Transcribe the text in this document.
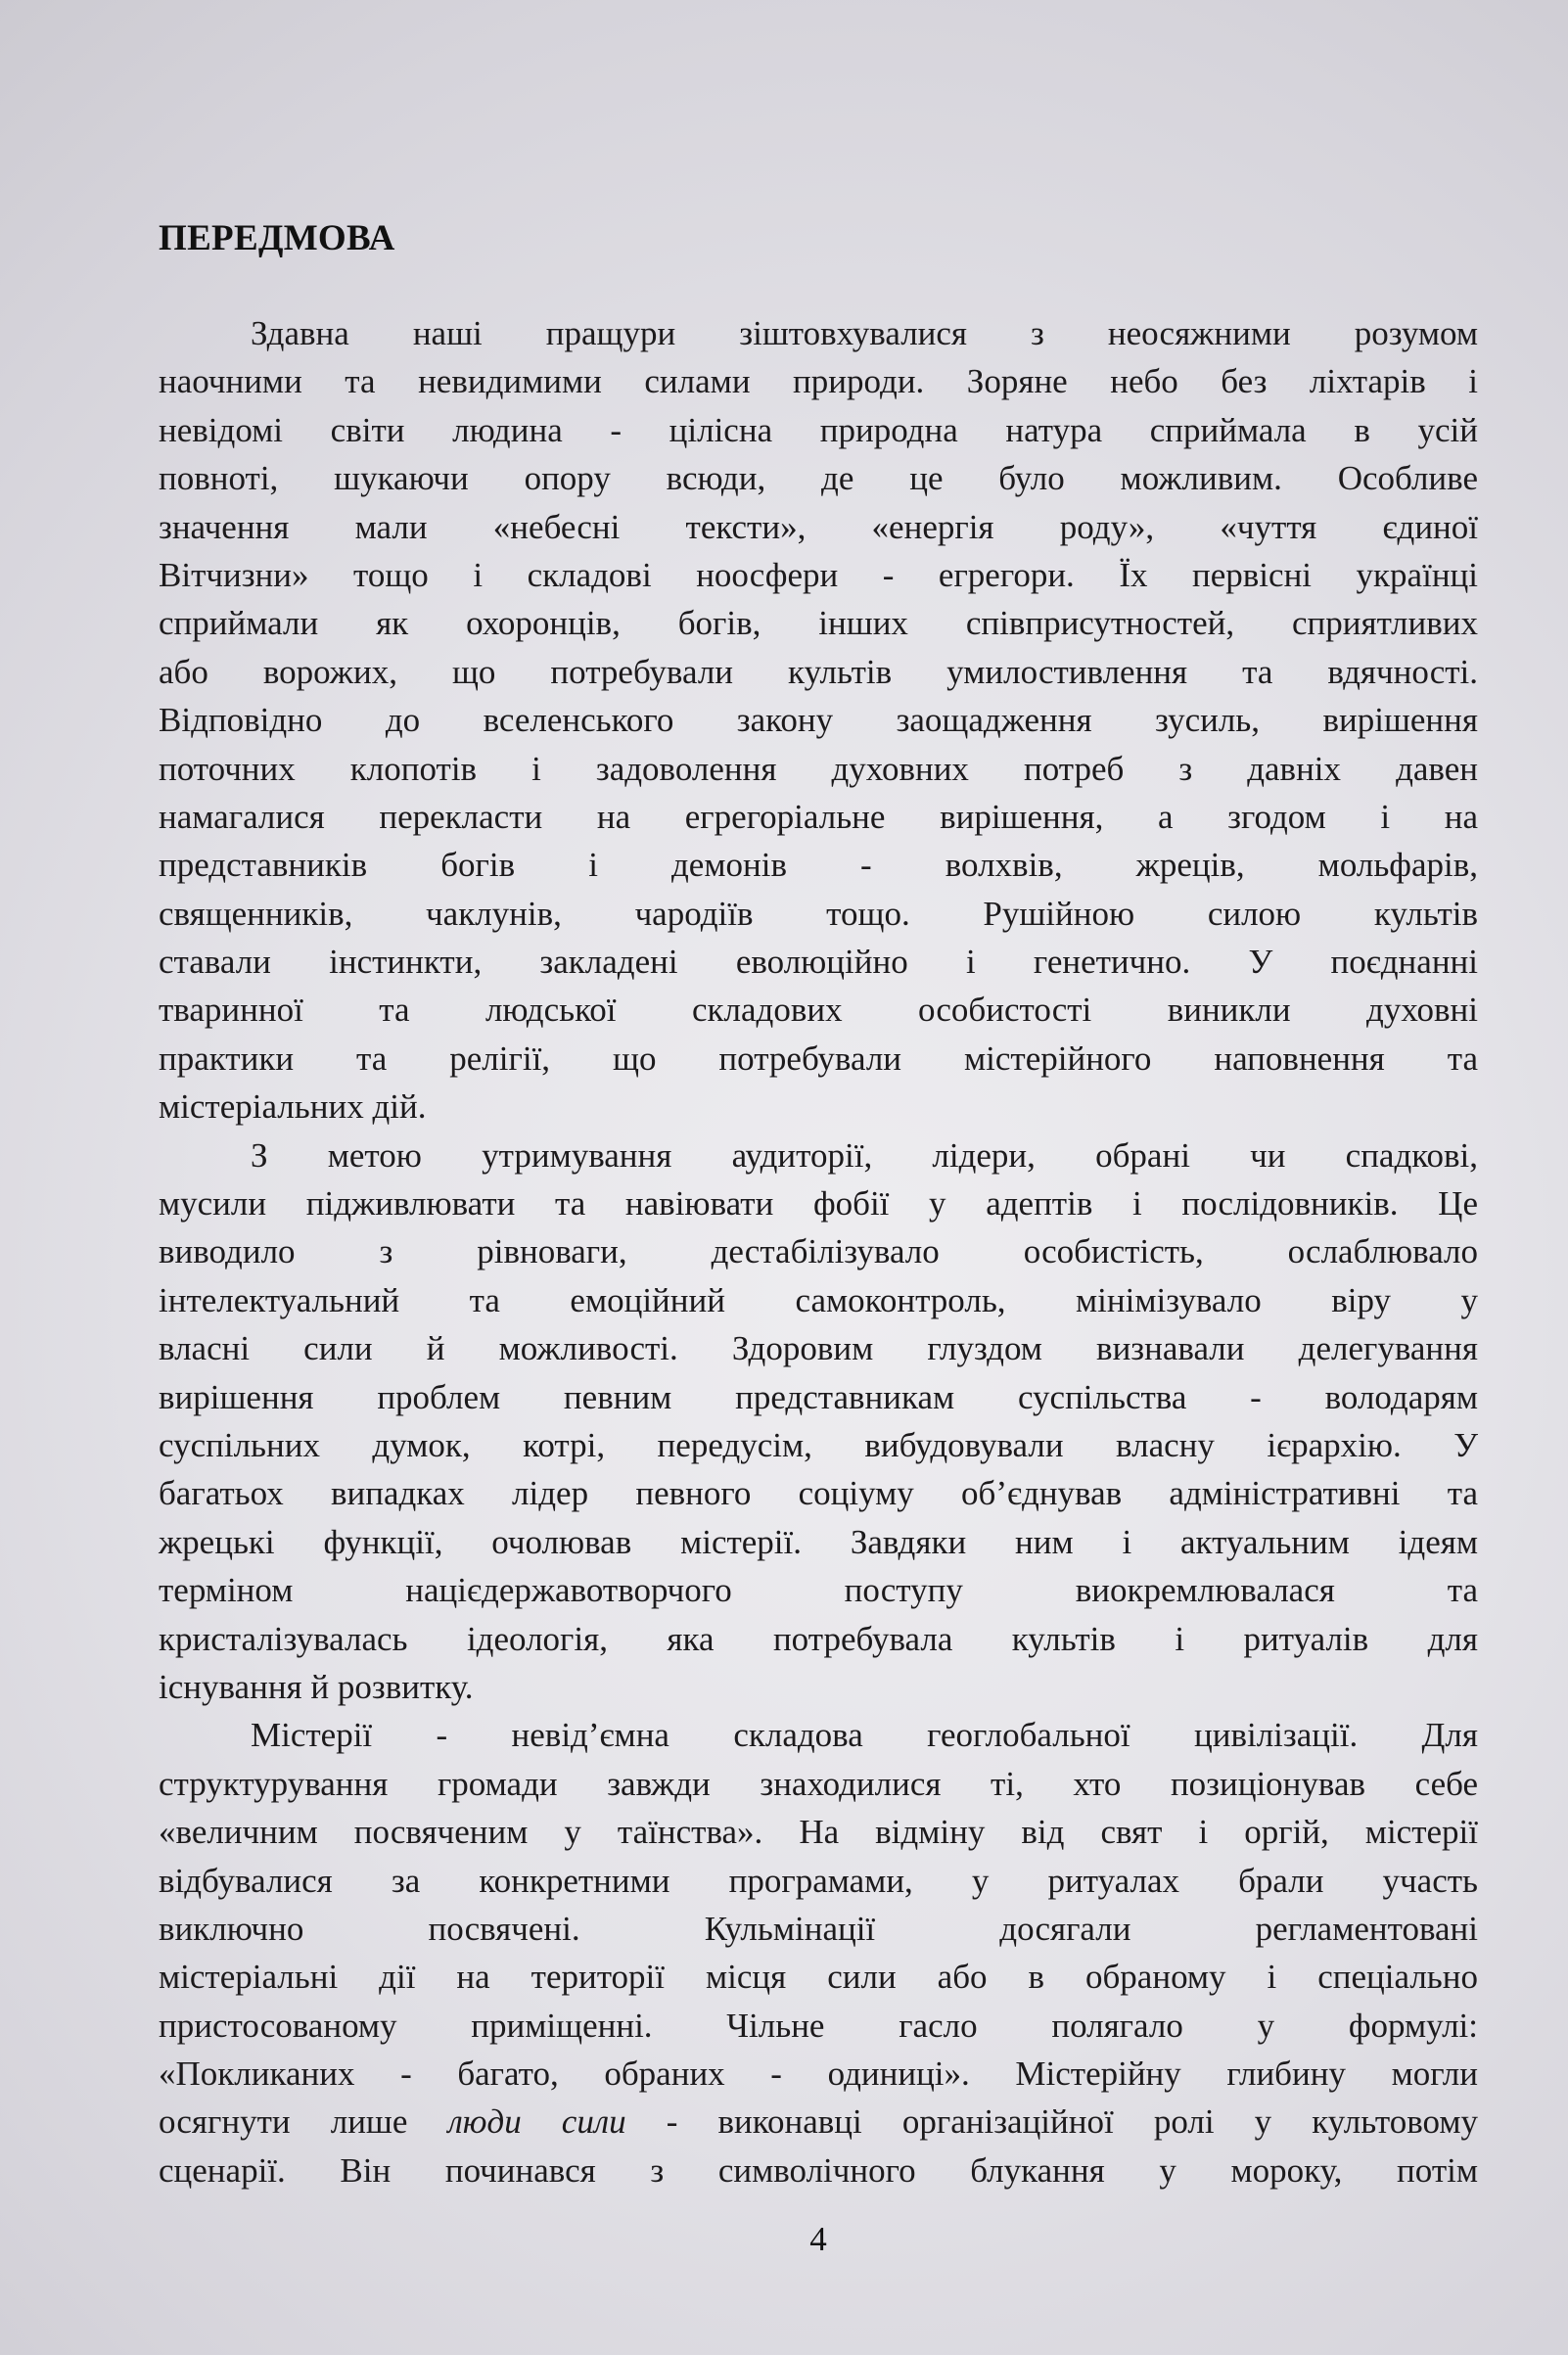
ПЕРЕДМОВА
Здавна наші пращури зіштовхувалися з неосяжними розумом
наочними та невидимими силами природи. Зоряне небо без ліхтарів і
невідомі світи людина - цілісна природна натура сприймала в усій
повноті, шукаючи опору всюди, де це було можливим. Особливе
значення мали «небесні тексти», «енергія роду», «чуття єдиної
Вітчизни» тощо і складові ноосфери - егрегори. Їх первісні українці
сприймали як охоронців, богів, інших співприсутностей, сприятливих
або ворожих, що потребували культів умилостивлення та вдячності.
Відповідно до вселенського закону заощадження зусиль, вирішення
поточних клопотів і задоволення духовних потреб з давніх давен
намагалися перекласти на егрегоріальне вирішення, а згодом і на
представників богів і демонів - волхвів, жреців, мольфарів,
священників, чаклунів, чародіїв тощо. Рушійною силою культів
ставали інстинкти, закладені еволюційно і генетично. У поєднанні
тваринної та людської складових особистості виникли духовні
практики та релігії, що потребували містерійного наповнення та
містеріальних дій.
З метою утримування аудиторії, лідери, обрані чи спадкові,
мусили підживлювати та навіювати фобії у адептів і послідовників. Це
виводило з рівноваги, дестабілізувало особистість, ослаблювало
інтелектуальний та емоційний самоконтроль, мінімізувало віру у
власні сили й можливості. Здоровим глуздом визнавали делегування
вирішення проблем певним представникам суспільства - володарям
суспільних думок, котрі, передусім, вибудовували власну ієрархію. У
багатьох випадках лідер певного соціуму об’єднував адміністративні та
жрецькі функції, очолював містерії. Завдяки ним і актуальним ідеям
терміном націєдержавотворчого поступу виокремлювалася та
кристалізувалась ідеологія, яка потребувала культів і ритуалів для
існування й розвитку.
Містерії - невід’ємна складова геоглобальної цивілізації. Для
структурування громади завжди знаходилися ті, хто позиціонував себе
«величним посвяченим у таїнства». На відміну від свят і оргій, містерії
відбувалися за конкретними програмами, у ритуалах брали участь
виключно посвячені. Кульмінації досягали регламентовані
містеріальні дії на території місця сили або в обраному і спеціально
пристосованому приміщенні. Чільне гасло полягало у формулі:
«Покликаних - багато, обраних - одиниці». Містерійну глибину могли
осягнути лише люди сили - виконавці організаційної ролі у культовому
сценарії. Він починався з символічного блукання у мороку, потім
4
